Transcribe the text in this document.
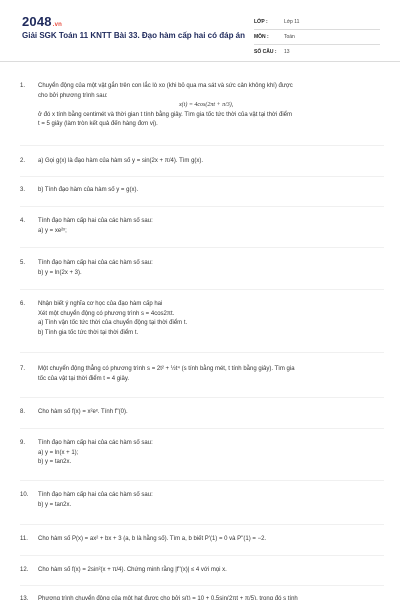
2048.vn
Giải SGK Toán 11 KNTT Bài 33. Đạo hàm cấp hai có đáp án
LỚP :	Lớp 11
MÔN :	Toán
SỐ CÂU : 13
1.	Chuyển động của một vật gắn trên con lắc lò xo (khi bỏ qua ma sát và sức cản không khí) được
cho bởi phương trình sau:
x(t) = 4cos(2πt + π/3),
ở đó x tính bằng centimét và thời gian t tính bằng giây. Tìm gia tốc tức thời của vật tại thời điểm
t = 5 giây (làm tròn kết quả đến hàng đơn vị).
2.	a) Gọi g(x) là đạo hàm của hàm số y = sin(2x + π/4). Tìm g(x).
3.	b) Tính đạo hàm của hàm số y = g(x).
4.	Tính đạo hàm cấp hai của các hàm số sau:
a) y = xe²ˣ;
5.	Tính đạo hàm cấp hai của các hàm số sau:
b) y = ln(2x + 3).
6.	Nhận biết ý nghĩa cơ học của đạo hàm cấp hai
Xét một chuyển động có phương trình s = 4cos2πt.
a) Tính vận tốc tức thời của chuyển động tại thời điểm t.
b) Tính gia tốc tức thời tại thời điểm t.
7.	Một chuyển động thẳng có phương trình s = 2t² + ½t⁴ (s tính bằng mét, t tính bằng giây). Tìm gia
tốc của vật tại thời điểm t = 4 giây.
8.	Cho hàm số f(x) = x²eˣ. Tính f''(0).
9.	Tính đạo hàm cấp hai của các hàm số sau:
a) y = ln(x + 1);
b) y = tan2x.
10.	Tính đạo hàm cấp hai của các hàm số sau:
b) y = tan2x.
11.	Cho hàm số P(x) = ax² + bx + 3 (a, b là hằng số). Tìm a, b biết P'(1) = 0 và P''(1) = −2.
12.	Cho hàm số f(x) = 2sin²(x + π/4). Chứng minh rằng |f''(x)| ≤ 4 với mọi x.
13.	Phương trình chuyển động của một hạt được cho bởi s(t) = 10 + 0,5sin(2πt + π/5), trong đó s tính
